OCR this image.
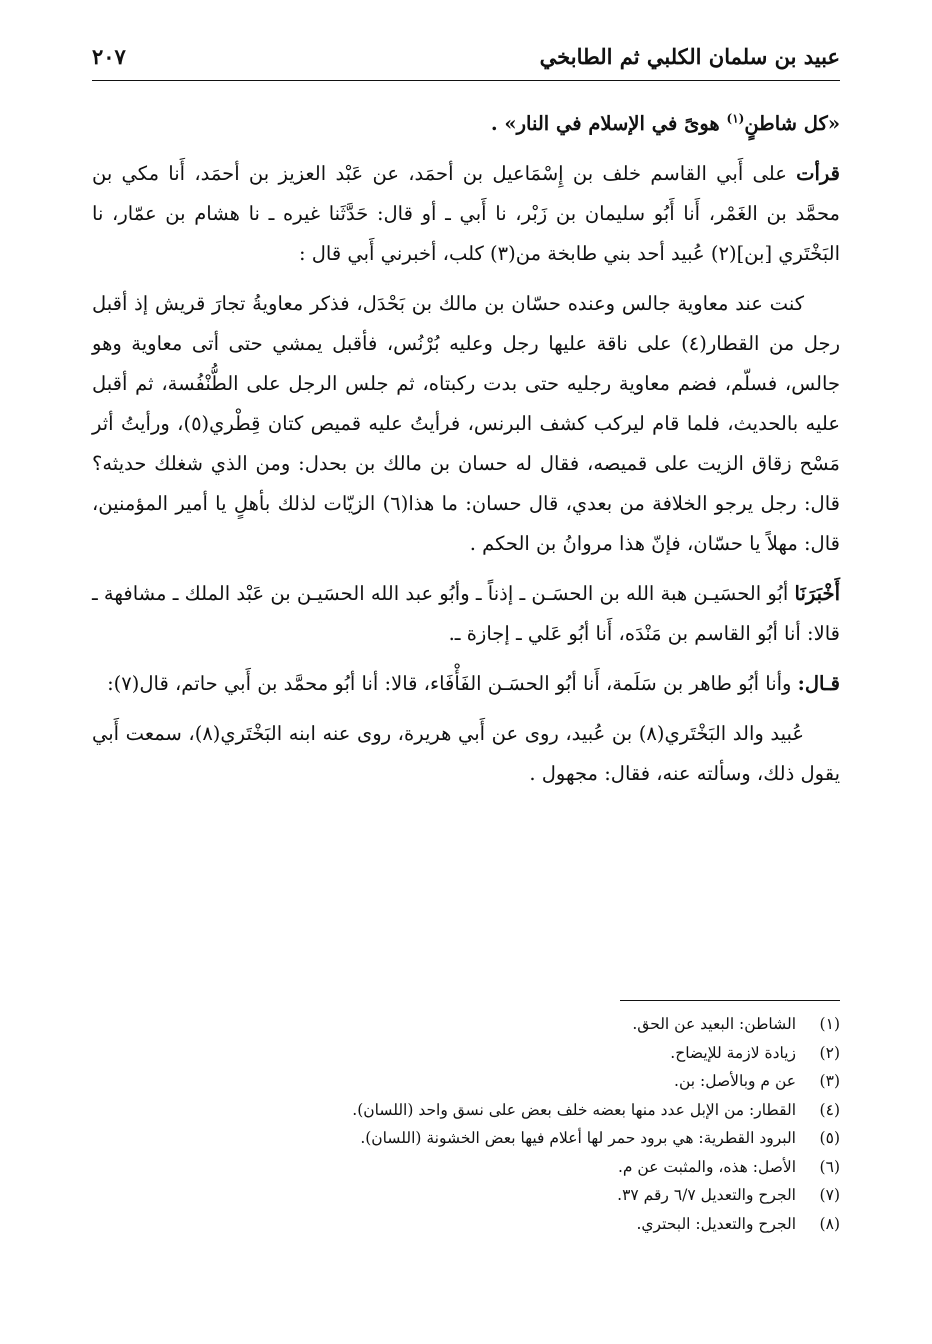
عبيد بن سلمان الكلبي ثم الطابخي
٢٠٧

«كل شاطنٍ$^{(١)}$ هوىً في الإسلام في النار» .

قرأت على أَبي القاسم خلف بن إِسْمَاعيل بن أحمَد، عن عَبْد العزيز بن أحمَد، أَنا مكي بن محمَّد بن الغَمْر، أَنا أَبُو سليمان بن زَبْر، نا أَبي ـ أو قال: حَدَّثَنا غيره ـ نا هشام بن عمّار، نا البَخْتَري [بن](٢) عُبيد أحد بني طابخة من(٣) كلب، أخبرني أَبي قال :

كنت عند معاوية جالس وعنده حسّان بن مالك بن بَحْدَل، فذكر معاويةُ تجارَ قريش إذ أقبل رجل من القطار(٤) على ناقة عليها رجل وعليه بُرْنُس، فأقبل يمشي حتى أتى معاوية وهو جالس، فسلّم، فضم معاوية رجليه حتى بدت ركبتاه، ثم جلس الرجل على الطُّنْفُسة، ثم أقبل عليه بالحديث، فلما قام ليركب كشف البرنس، فرأيتُ عليه قميص كتان قِطْري(٥)، ورأيتُ أثر مَسْح زقاق الزيت على قميصه، فقال له حسان بن مالك بن بحدل: ومن الذي شغلك حديثه؟ قال: رجل يرجو الخلافة من بعدي، قال حسان: ما هذا(٦) الزيّات لذلك بأهلٍ يا أمير المؤمنين، قال: مهلاً يا حسّان، فإنّ هذا مروانُ بن الحكم .

أَخْبَرَنَا أبُو الحسَيـن هبة الله بن الحسَـن ـ إذناً ـ وأبُو عبد الله الحسَيـن بن عَبْد الملك ـ مشافهة ـ قالا: أنا أبُو القاسم بن مَنْدَه، أَنا أبُو عَلي ـ إجازة ـ.

قـال: وأنا أبُو طاهر بن سَلَمة، أَنا أبُو الحسَـن الفَأْفَاء، قالا: أنا أبُو محمَّد بن أَبي حاتم، قال(٧):

عُبيد والد البَخْتَري(٨) بن عُبيد، روى عن أَبي هريرة، روى عنه ابنه البَخْتَري(٨)، سمعت أَبي يقول ذلك، وسألته عنه، فقال: مجهول .

(١)
الشاطن: البعيد عن الحق.
(٢)
زيادة لازمة للإيضاح.
(٣)
عن م وبالأصل: بن.
(٤)
القطار: من الإبل عدد منها بعضه خلف بعض على نسق واحد (اللسان).
(٥)
البرود القطرية: هي برود حمر لها أعلام فيها بعض الخشونة (اللسان).
(٦)
الأصل: هذه، والمثبت عن م.
(٧)
الجرح والتعديل ٦/٧ رقم ٣٧.
(٨)
الجرح والتعديل: البحتري.
